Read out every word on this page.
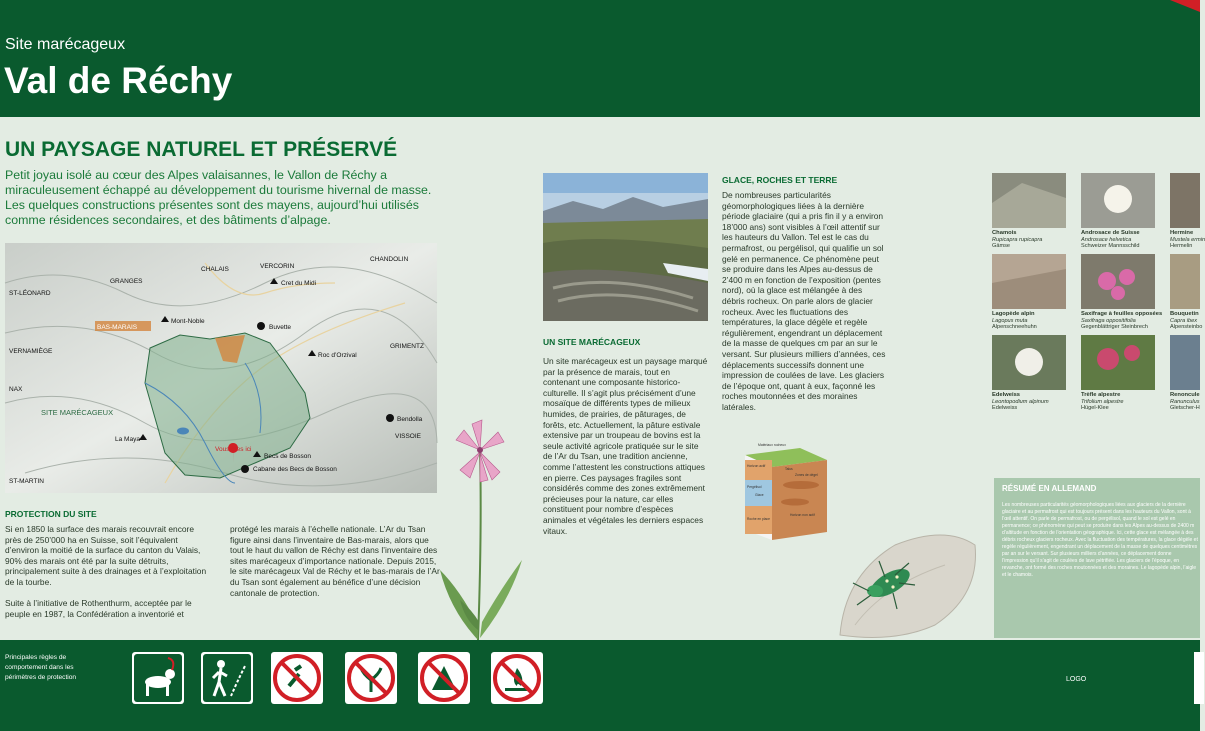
Site marécageux
Val de Réchy
UN PAYSAGE NATUREL ET PRÉSERVÉ
Petit joyau isolé au cœur des Alpes valaisannes, le Vallon de Réchy a miraculeusement échappé au développement du tourisme hivernal de masse. Les quelques constructions présentes sont des mayens, aujourd’hui utilisés comme résidences secondaires, et des bâtiments d’alpage.
BAS-MARAIS
SITE MARÉCAGEUX
GRANGES
CHALAIS	VERCORIN
CHANDOLIN
ST-LÉONARD
VERNAMIÈGE
GRIMENTZ
NAX
ST-MARTIN
VISSOIE
Cret du Midi
Mont-Noble
Buvette
Roc d’Orzival
Bendolla
La Maya
Becs de Bosson
Cabane des Becs de Bosson
Vous êtes ici
PROTECTION DU SITE
Si en 1850 la surface des marais recouvrait encore près de 250’000 ha en Suisse, soit l’équivalent d’environ la moitié de la surface du canton du Valais, 90% des marais ont été par la suite détruits, principalement suite à des drainages et à l’exploitation de la tourbe.
Suite à l’initiative de Rothenthurm, acceptée par le peuple en 1987, la Confédération a inventorié et
protégé les marais à l’échelle nationale. L’Ar du Tsan figure ainsi dans l’inventaire de Bas-marais, alors que tout le haut du vallon de Réchy est dans l’inventaire des sites marécageux d’importance nationale. Depuis 2015, le site marécageux Val de Réchy et le bas-marais de l’Ar du Tsan sont également au bénéfice d’une décision cantonale de protection.
UN SITE MARÉCAGEUX
Un site marécageux est un paysage marqué par la présence de marais, tout en contenant une composante historico-culturelle. Il s’agit plus précisément d’une mosaïque de différents types de milieux humides, de prairies, de pâturages, de forêts, etc. Actuellement, la pâture estivale extensive par un troupeau de bovins est la seule activité agricole pratiquée sur le site de l’Ar du Tsan, une tradition ancienne, comme l’attestent les constructions attiques en pierre. Ces paysages fragiles sont considérés comme des zones extrêmement précieuses pour la nature, car elles constituent pour nombre d’espèces animales et végétales les derniers espaces vitaux.
GLACE, ROCHES ET TERRE
De nombreuses particularités géomorphologiques liées à la dernière période glaciaire (qui a pris fin il y a environ 18’000 ans) sont visibles à l’œil attentif sur les hauteurs du Vallon. Tel est le cas du permafrost, ou pergélisol, qui qualifie un sol gelé en permanence. Ce phénomène peut se produire dans les Alpes au-dessus de 2’400 m en fonction de l’exposition (pentes nord), où la glace est mélangée à des débris rocheux. On parle alors de glacier rocheux. Avec les fluctuations des températures, la glace dégèle et regèle régulièrement, engendrant un déplacement de la masse de quelques cm par an sur le versant. Sur plusieurs milliers d’années, ces déplacements successifs donnent une impression de coulées de lave. Les glaciers de l’époque ont, quant à eux, façonné les roches moutonnées et des moraines latérales.
Matériaux rocheux
Horizon actif
Pergélisol
Glace
Roche en place
Talus
Zones de dégel
Horizon non actif
Chamois
Rupicapra rupicapra
Gämse
Androsace de Suisse
Androsace helvetica
Schweizer Mannsschild
Hermine
Mustela ermin
Hermelin
Lagopède alpin
Lagopus muta
Alpenschneehuhn
Saxifrage à feuilles opposées
Saxifraga oppositifolia
Gegenblättriger Steinbrech
Bouquetin
Capra ibex
Alpensteinbo
Edelweiss
Leontopodium alpinum
Edelweiss
Trèfle alpestre
Trifolium alpestre
Hügel-Klee
Renoncule
Ranunculus
Gletscher-H
RÉSUMÉ EN ALLEMAND
Les nombreuses particularités géomorphologiques liées aux glaciers de la dernière glaciaire et au permafrost qui est toujours présent dans les hauteurs du Vallon, sont à l’œil attentif. On parle de permafrost, ou de pergélisol, quand le sol est gelé en permanence; ce phénomène qui peut se produire dans les Alpes au-dessus de 2400 m d’altitude en fonction de l’orientation géographique. Ici, cette glace est mélangée à des débris rocheux glaciers rocheux. Avec la fluctuation des températures, la glace dégèle et regèle régulièrement, engendrant un déplacement de la masse de quelques centimètres par an sur le versant. Sur plusieurs milliers d’années, ce déplacement donne l’impression qu’il s’agit de coulées de lave pétrifiée. Les glaciers de l’époque, en revanche, ont formé des roches moutonnées et des moraines. Le lagopède alpin, l’aigle et le chamois.
Principales règles de comportement dans les périmètres de protection	LOGO
